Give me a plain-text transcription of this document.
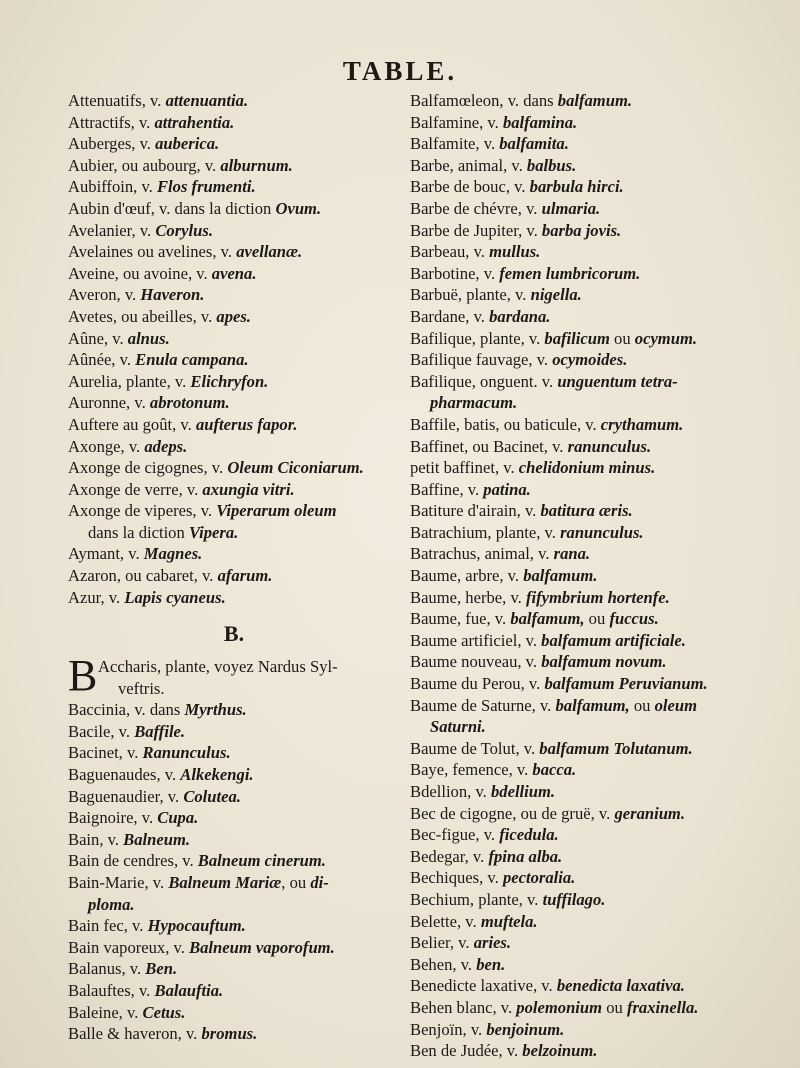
TABLE.
Attenuatifs, v. attenuantia.
Attractifs, v. attrahentia.
Auberges, v. auberica.
Aubier, ou aubourg, v. alburnum.
Aubiffoin, v. Flos frumenti.
Aubin d'œuf, v. dans la diction Ovum.
Avelanier, v. Corylus.
Avelaines ou avelines, v. avellanæ.
Aveine, ou avoine, v. avena.
Averon, v. Haveron.
Avetes, ou abeilles, v. apes.
Aûne, v. alnus.
Aûnée, v. Enula campana.
Aurelia, plante, v. Elichryfon.
Auronne, v. abrotonum.
Auftere au goût, v. aufterus fapor.
Axonge, v. adeps.
Axonge de cigognes, v. Oleum Ciconiarum.
Axonge de verre, v. axungia vitri.
Axonge de viperes, v. Viperarum oleum
dans la diction Vipera.
Aymant, v. Magnes.
Azaron, ou cabaret, v. afarum.
Azur, v. Lapis cyaneus.
B.
B Accharis, plante, voyez Nardus Syl-
veftris.
Baccinia, v. dans Myrthus.
Bacile, v. Baffile.
Bacinet, v. Ranunculus.
Baguenaudes, v. Alkekengi.
Baguenaudier, v. Colutea.
Baignoire, v. Cupa.
Bain, v. Balneum.
Bain de cendres, v. Balneum cinerum.
Bain-Marie, v. Balneum Mariæ, ou di-
ploma.
Bain fec, v. Hypocauftum.
Bain vaporeux, v. Balneum vaporofum.
Balanus, v. Ben.
Balauftes, v. Balauftia.
Baleine, v. Cetus.
Balle & haveron, v. bromus.
Balfamœleon, v. dans balfamum.
Balfamine, v. balfamina.
Balfamite, v. balfamita.
Barbe, animal, v. balbus.
Barbe de bouc, v. barbula hirci.
Barbe de chévre, v. ulmaria.
Barbe de Jupiter, v. barba jovis.
Barbeau, v. mullus.
Barbotine, v. femen lumbricorum.
Barbuë, plante, v. nigella.
Bardane, v. bardana.
Bafilique, plante, v. bafilicum ou ocymum.
Bafilique fauvage, v. ocymoides.
Bafilique, onguent. v. unguentum tetra-
pharmacum.
Baffile, batis, ou baticule, v. crythamum.
Baffinet, ou Bacinet, v. ranunculus.
petit baffinet, v. chelidonium minus.
Baffine, v. patina.
Batiture d'airain, v. batitura æris.
Batrachium, plante, v. ranunculus.
Batrachus, animal, v. rana.
Baume, arbre, v. balfamum.
Baume, herbe, v. fifymbrium hortenfe.
Baume, fue, v. balfamum, ou fuccus.
Baume artificiel, v. balfamum artificiale.
Baume nouveau, v. balfamum novum.
Baume du Perou, v. balfamum Peruvianum.
Baume de Saturne, v. balfamum, ou oleum
Saturni.
Baume de Tolut, v. balfamum Tolutanum.
Baye, femence, v. bacca.
Bdellion, v. bdellium.
Bec de cigogne, ou de gruë, v. geranium.
Bec-figue, v. ficedula.
Bedegar, v. fpina alba.
Bechiques, v. pectoralia.
Bechium, plante, v. tuffilago.
Belette, v. muftela.
Belier, v. aries.
Behen, v. ben.
Benedicte laxative, v. benedicta laxativa.
Behen blanc, v. polemonium ou fraxinella.
Benjoïn, v. benjoinum.
Ben de Judée, v. belzoinum.
